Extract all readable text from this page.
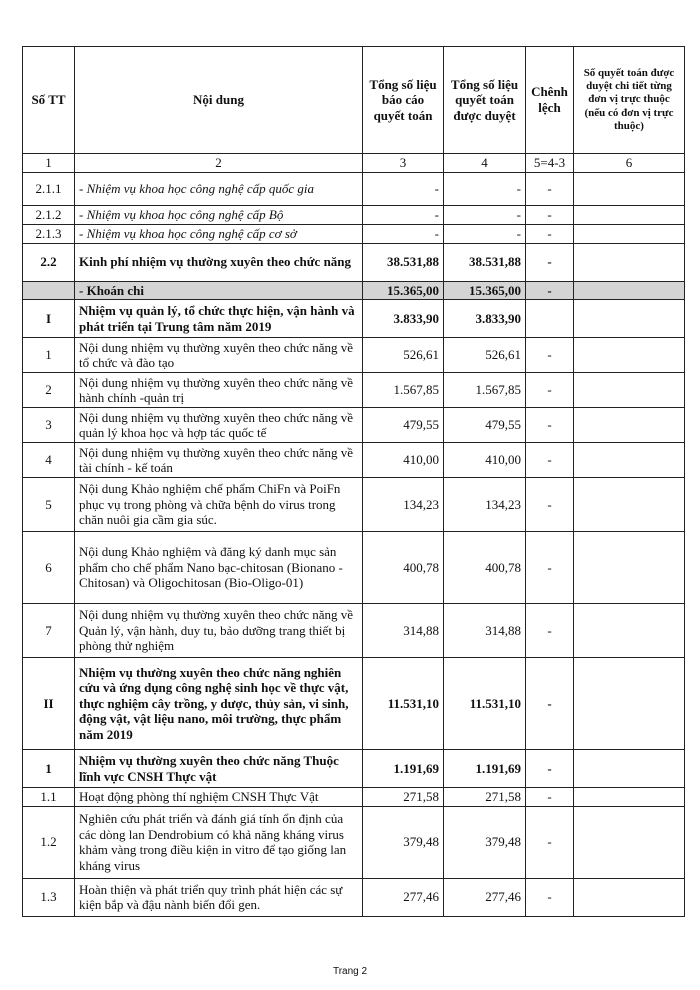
Số TT	Nội dung	Tổng số liệu báo cáo quyết toán	Tổng số liệu quyết toán được duyệt	Chênh lệch	Số quyết toán được duyệt chi tiết từng đơn vị trực thuộc (nếu có đơn vị trực thuộc)
1	2	3	4	5=4-3	6
2.1.1	- Nhiệm vụ khoa học công nghệ cấp quốc gia	-	-	-	
2.1.2	- Nhiệm vụ khoa học công nghệ cấp Bộ	-	-	-	
2.1.3	- Nhiệm vụ khoa học công nghệ cấp cơ sở	-	-	-	
2.2	Kinh phí nhiệm vụ thường xuyên theo chức năng	38.531,88	38.531,88	-	
	- Khoán chi	15.365,00	15.365,00	-	
I	Nhiệm vụ quản lý, tổ chức thực hiện, vận hành và phát triển tại Trung tâm năm 2019	3.833,90	3.833,90		
1	Nội dung nhiệm vụ thường xuyên theo chức năng về tổ chức và đào tạo	526,61	526,61	-	
2	Nội dung nhiệm vụ thường xuyên theo chức năng về hành chính -quản trị	1.567,85	1.567,85	-	
3	Nội dung nhiệm vụ thường xuyên theo chức năng về quản lý khoa học và hợp tác quốc tế	479,55	479,55	-	
4	Nội dung nhiệm vụ thường xuyên theo chức năng về tài chính - kế toán	410,00	410,00	-	
5	Nội dung Khảo nghiệm chế phẩm ChiFn và PoiFn phục vụ trong phòng và chữa bệnh do virus trong chăn nuôi gia cầm gia súc.	134,23	134,23	-	
6	Nội dung Khảo nghiệm và đăng ký danh mục sản phẩm cho chế phẩm Nano bạc-chitosan (Bionano -Chitosan) và Oligochitosan (Bio-Oligo-01)	400,78	400,78	-	
7	Nội dung nhiệm vụ thường xuyên theo chức năng về Quản lý, vận hành, duy tu, bảo dưỡng trang thiết bị phòng thử nghiệm	314,88	314,88	-	
II	Nhiệm vụ thường xuyên theo chức năng nghiên cứu và ứng dụng công nghệ sinh học về thực vật, thực nghiệm cây trồng, y dược, thủy sản, vi sinh, động vật, vật liệu nano, môi trường, thực phẩm năm 2019	11.531,10	11.531,10	-	
1	Nhiệm vụ thường xuyên theo chức năng Thuộc lĩnh vực CNSH Thực vật	1.191,69	1.191,69	-	
1.1	Hoạt động phòng thí nghiệm CNSH Thực Vật	271,58	271,58	-	
1.2	Nghiên cứu phát triển và đánh giá tính ổn định của các dòng lan Dendrobium có khả năng kháng virus khảm vàng trong điều kiện in vitro để tạo giống lan kháng virus	379,48	379,48	-	
1.3	Hoàn thiện và phát triển quy trình phát hiện các sự kiện bắp và đậu nành biến đổi gen.	277,46	277,46	-	
Trang 2
